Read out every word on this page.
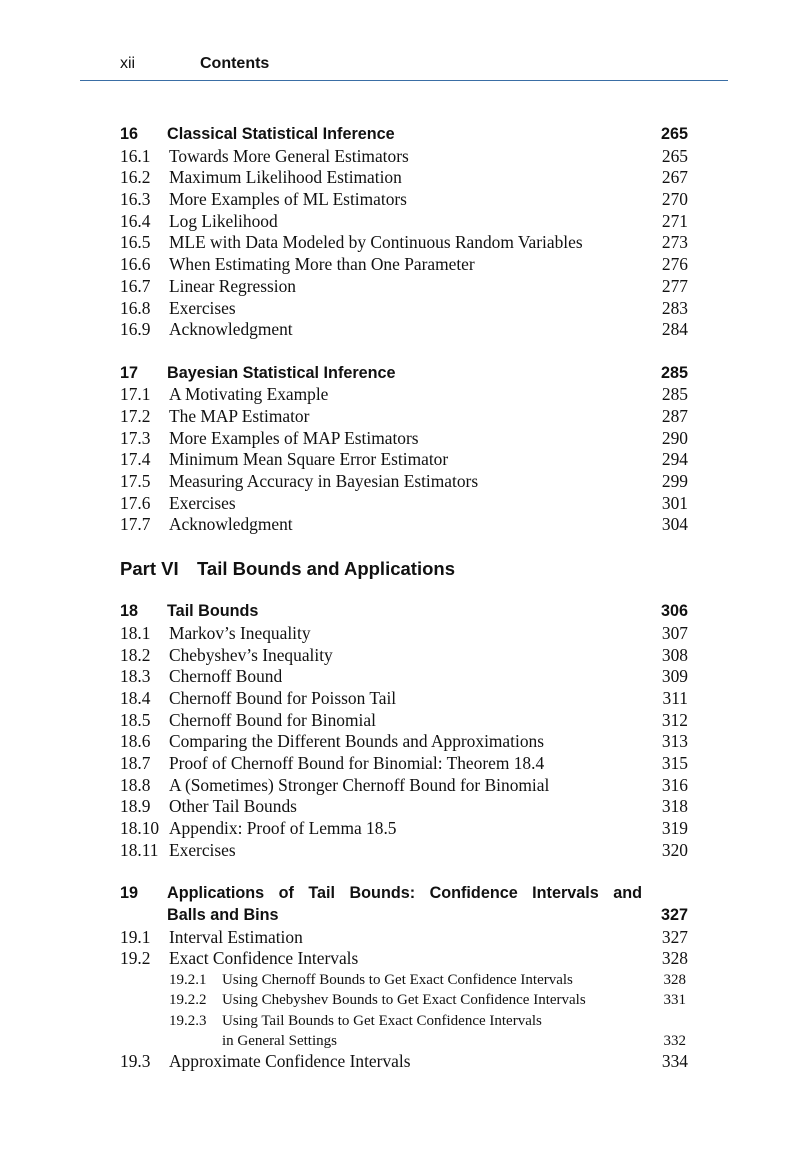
xii	Contents
16 Classical Statistical Inference	265
16.1 Towards More General Estimators	265
16.2 Maximum Likelihood Estimation	267
16.3 More Examples of ML Estimators	270
16.4 Log Likelihood	271
16.5 MLE with Data Modeled by Continuous Random Variables	273
16.6 When Estimating More than One Parameter	276
16.7 Linear Regression	277
16.8 Exercises	283
16.9 Acknowledgment	284
17 Bayesian Statistical Inference	285
17.1 A Motivating Example	285
17.2 The MAP Estimator	287
17.3 More Examples of MAP Estimators	290
17.4 Minimum Mean Square Error Estimator	294
17.5 Measuring Accuracy in Bayesian Estimators	299
17.6 Exercises	301
17.7 Acknowledgment	304
Part VI Tail Bounds and Applications
18 Tail Bounds	306
18.1 Markov’s Inequality	307
18.2 Chebyshev’s Inequality	308
18.3 Chernoff Bound	309
18.4 Chernoff Bound for Poisson Tail	311
18.5 Chernoff Bound for Binomial	312
18.6 Comparing the Different Bounds and Approximations	313
18.7 Proof of Chernoff Bound for Binomial: Theorem 18.4	315
18.8 A (Sometimes) Stronger Chernoff Bound for Binomial	316
18.9 Other Tail Bounds	318
18.10 Appendix: Proof of Lemma 18.5	319
18.11 Exercises	320
19 Applications of Tail Bounds: Confidence Intervals and
Balls and Bins	327
19.1 Interval Estimation	327
19.2 Exact Confidence Intervals	328
19.2.1 Using Chernoff Bounds to Get Exact Confidence Intervals	328
19.2.2 Using Chebyshev Bounds to Get Exact Confidence Intervals	331
19.2.3 Using Tail Bounds to Get Exact Confidence Intervals
in General Settings	332
19.3 Approximate Confidence Intervals	334
